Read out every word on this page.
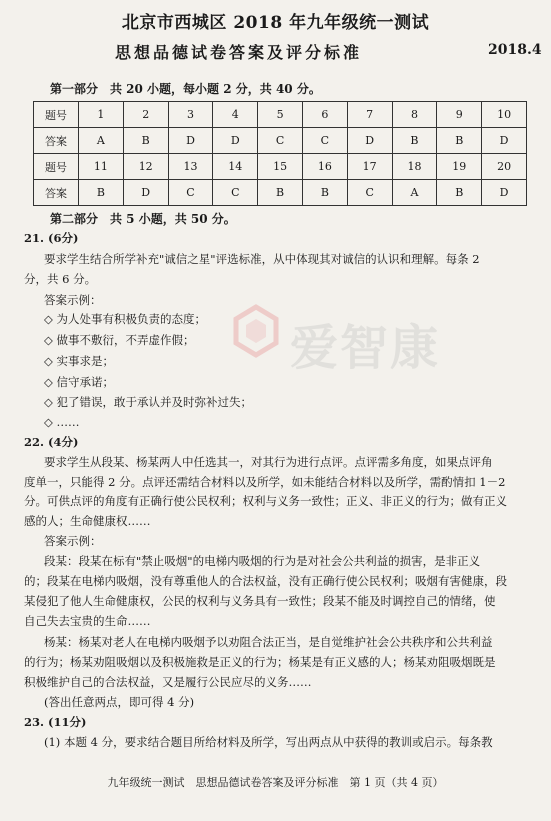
北京市西城区 2018 年九年级统一测试
思想品德试卷答案及评分标准	2018.4
第一部分　共 20 小题，每小题 2 分，共 40 分。
题号	1	2	3	4	5	6	7	8	9	10
答案	A	B	D	D	C	C	D	B	B	D
题号	11	12	13	14	15	16	17	18	19	20
答案	B	D	C	C	B	B	C	A	B	D
第二部分　共 5 小题，共 50 分。
21. (6分)
要求学生结合所学补充"诚信之星"评选标准，从中体现其对诚信的认识和理解。每条 2
分，共 6 分。
答案示例：
◇ 为人处事有积极负责的态度；
◇ 做事不敷衍，不弄虚作假；
◇ 实事求是；
◇ 信守承诺；
◇ 犯了错误，敢于承认并及时弥补过失；
◇ ……
爱智康
22. (4分)
要求学生从段某、杨某两人中任选其一，对其行为进行点评。点评需多角度，如果点评角
度单一，只能得 2 分。点评还需结合材料以及所学，如未能结合材料以及所学，需酌情扣 1－2
分。可供点评的角度有正确行使公民权利；权利与义务一致性；正义、非正义的行为；做有正义
感的人；生命健康权……
答案示例：
段某：段某在标有"禁止吸烟"的电梯内吸烟的行为是对社会公共利益的损害，是非正义
的；段某在电梯内吸烟，没有尊重他人的合法权益，没有正确行使公民权利；吸烟有害健康，段
某侵犯了他人生命健康权，公民的权利与义务具有一致性；段某不能及时调控自己的情绪，使
自己失去宝贵的生命……
杨某：杨某对老人在电梯内吸烟予以劝阻合法正当，是自觉维护社会公共秩序和公共利益
的行为；杨某劝阻吸烟以及积极施救是正义的行为；杨某是有正义感的人；杨某劝阻吸烟既是
积极维护自己的合法权益，又是履行公民应尽的义务……
(答出任意两点，即可得 4 分)
23. (11分)
(1) 本题 4 分，要求结合题目所给材料及所学，写出两点从中获得的教训或启示。每条教
九年级统一测试　思想品德试卷答案及评分标准　第 1 页（共 4 页）
